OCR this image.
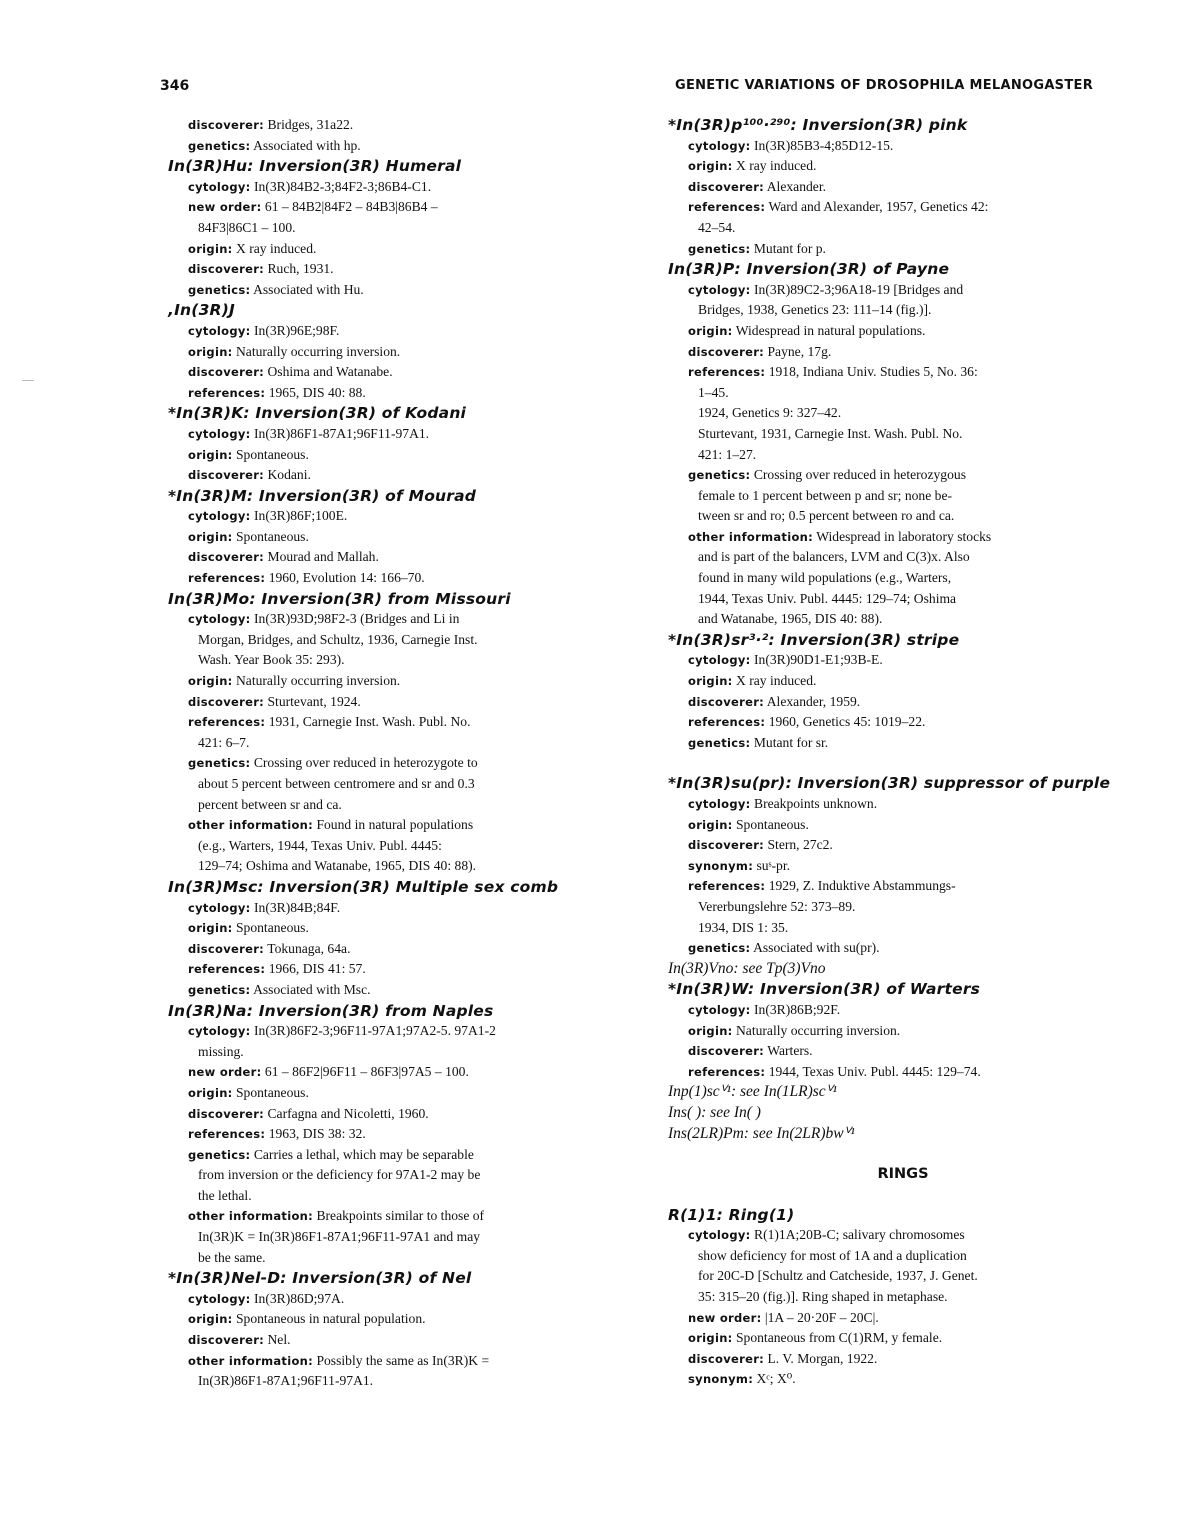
346	GENETIC VARIATIONS OF DROSOPHILA MELANOGASTER
discoverer: Bridges, 31a22.
genetics: Associated with hp.
In(3R)Hu: Inversion(3R) Humeral
cytology: In(3R)84B2-3;84F2-3;86B4-C1.
new order: 61 – 84B2|84F2 – 84B3|86B4 –
84F3|86C1 – 100.
origin: X ray induced.
discoverer: Ruch, 1931.
genetics: Associated with Hu.
,In(3R)J
cytology: In(3R)96E;98F.
origin: Naturally occurring inversion.
discoverer: Oshima and Watanabe.
references: 1965, DIS 40: 88.
*In(3R)K: Inversion(3R) of Kodani
cytology: In(3R)86F1-87A1;96F11-97A1.
origin: Spontaneous.
discoverer: Kodani.
*In(3R)M: Inversion(3R) of Mourad
cytology: In(3R)86F;100E.
origin: Spontaneous.
discoverer: Mourad and Mallah.
references: 1960, Evolution 14: 166–70.
In(3R)Mo: Inversion(3R) from Missouri
cytology: In(3R)93D;98F2-3 (Bridges and Li in
Morgan, Bridges, and Schultz, 1936, Carnegie Inst.
Wash. Year Book 35: 293).
origin: Naturally occurring inversion.
discoverer: Sturtevant, 1924.
references: 1931, Carnegie Inst. Wash. Publ. No.
421: 6–7.
genetics: Crossing over reduced in heterozygote to
about 5 percent between centromere and sr and 0.3
percent between sr and ca.
other information: Found in natural populations
(e.g., Warters, 1944, Texas Univ. Publ. 4445:
129–74; Oshima and Watanabe, 1965, DIS 40: 88).
In(3R)Msc: Inversion(3R) Multiple sex comb
cytology: In(3R)84B;84F.
origin: Spontaneous.
discoverer: Tokunaga, 64a.
references: 1966, DIS 41: 57.
genetics: Associated with Msc.
In(3R)Na: Inversion(3R) from Naples
cytology: In(3R)86F2-3;96F11-97A1;97A2-5. 97A1-2
missing.
new order: 61 – 86F2|96F11 – 86F3|97A5 – 100.
origin: Spontaneous.
discoverer: Carfagna and Nicoletti, 1960.
references: 1963, DIS 38: 32.
genetics: Carries a lethal, which may be separable
from inversion or the deficiency for 97A1-2 may be
the lethal.
other information: Breakpoints similar to those of
In(3R)K = In(3R)86F1-87A1;96F11-97A1 and may
be the same.
*In(3R)Nel-D: Inversion(3R) of Nel
cytology: In(3R)86D;97A.
origin: Spontaneous in natural population.
discoverer: Nel.
other information: Possibly the same as In(3R)K =
In(3R)86F1-87A1;96F11-97A1.
*In(3R)p¹⁰⁰·²⁹⁰: Inversion(3R) pink
cytology: In(3R)85B3-4;85D12-15.
origin: X ray induced.
discoverer: Alexander.
references: Ward and Alexander, 1957, Genetics 42:
42–54.
genetics: Mutant for p.
In(3R)P: Inversion(3R) of Payne
cytology: In(3R)89C2-3;96A18-19 [Bridges and
Bridges, 1938, Genetics 23: 111–14 (fig.)].
origin: Widespread in natural populations.
discoverer: Payne, 17g.
references: 1918, Indiana Univ. Studies 5, No. 36:
1–45.
1924, Genetics 9: 327–42.
Sturtevant, 1931, Carnegie Inst. Wash. Publ. No.
421: 1–27.
genetics: Crossing over reduced in heterozygous
female to 1 percent between p and sr; none be-
tween sr and ro; 0.5 percent between ro and ca.
other information: Widespread in laboratory stocks
and is part of the balancers, LVM and C(3)x. Also
found in many wild populations (e.g., Warters,
1944, Texas Univ. Publ. 4445: 129–74; Oshima
and Watanabe, 1965, DIS 40: 88).
*In(3R)sr³·²: Inversion(3R) stripe
cytology: In(3R)90D1-E1;93B-E.
origin: X ray induced.
discoverer: Alexander, 1959.
references: 1960, Genetics 45: 1019–22.
genetics: Mutant for sr.
*In(3R)su(pr): Inversion(3R) suppressor of purple
cytology: Breakpoints unknown.
origin: Spontaneous.
discoverer: Stern, 27c2.
synonym: suˢ-pr.
references: 1929, Z. Induktive Abstammungs-
Vererbungslehre 52: 373–89.
1934, DIS 1: 35.
genetics: Associated with su(pr).
In(3R)Vno: see Tp(3)Vno
*In(3R)W: Inversion(3R) of Warters
cytology: In(3R)86B;92F.
origin: Naturally occurring inversion.
discoverer: Warters.
references: 1944, Texas Univ. Publ. 4445: 129–74.
Inp(1)scⱽ¹: see In(1LR)scⱽ¹
Ins( ): see In( )
Ins(2LR)Pm: see In(2LR)bwⱽ¹
RINGS
R(1)1: Ring(1)
cytology: R(1)1A;20B-C; salivary chromosomes
show deficiency for most of 1A and a duplication
for 20C-D [Schultz and Catcheside, 1937, J. Genet.
35: 315–20 (fig.)]. Ring shaped in metaphase.
new order: |1A – 20·20F – 20C|.
origin: Spontaneous from C(1)RM, y female.
discoverer: L. V. Morgan, 1922.
synonym: Xᶜ; X⁰.
